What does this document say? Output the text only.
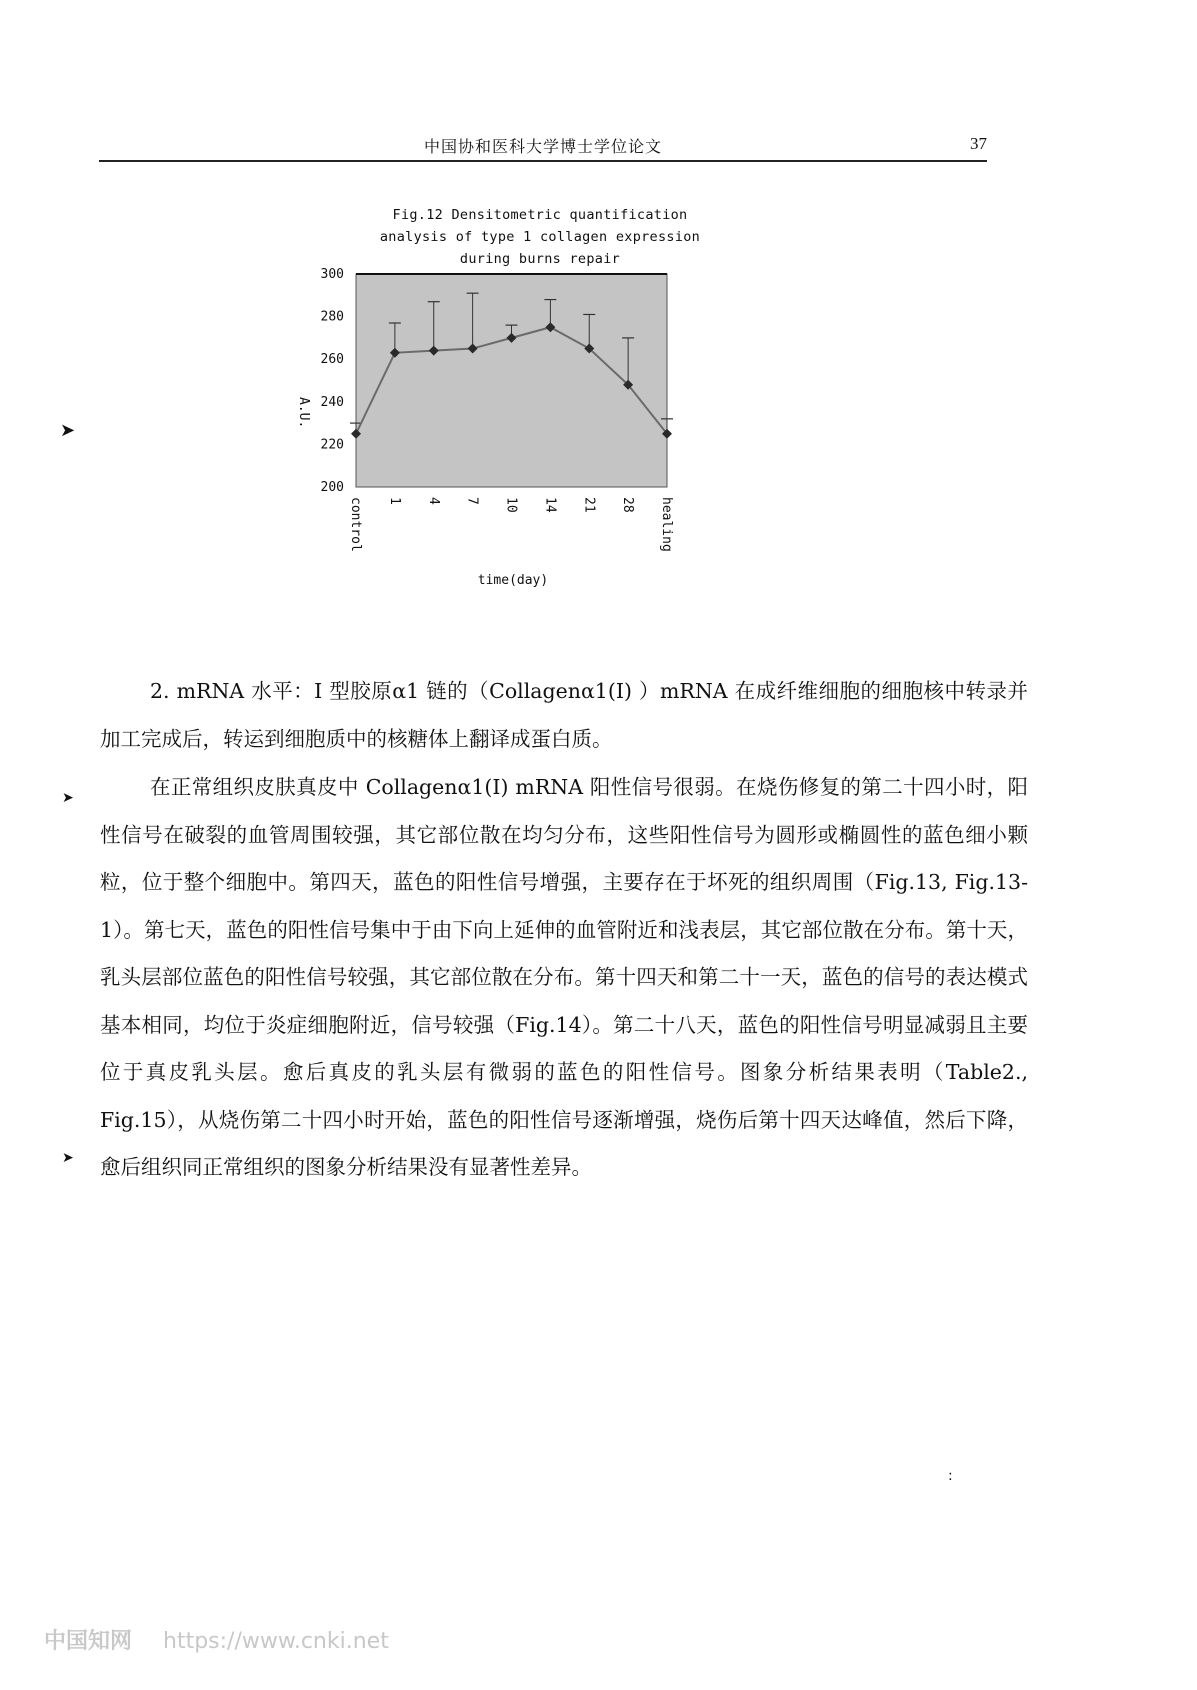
中国协和医科大学博士学位论文	37
Fig.12 Densitometric quantification
analysis of type 1 collagen expression
during burns repair
200
220
240
260
280
300
control 1 4 7 10 14 21 28 healing
A.U.
time(day)
2. mRNA 水平：I 型胶原α1 链的（Collagenα1(I) ）mRNA 在成纤维细胞的细胞核中转录并加工完成后，转运到细胞质中的核糖体上翻译成蛋白质。
在正常组织皮肤真皮中 Collagenα1(I) mRNA 阳性信号很弱。在烧伤修复的第二十四小时，阳性信号在破裂的血管周围较强，其它部位散在均匀分布，这些阳性信号为圆形或椭圆性的蓝色细小颗粒，位于整个细胞中。第四天，蓝色的阳性信号增强，主要存在于坏死的组织周围（Fig.13, Fig.13-1）。第七天，蓝色的阳性信号集中于由下向上延伸的血管附近和浅表层，其它部位散在分布。第十天，乳头层部位蓝色的阳性信号较强，其它部位散在分布。第十四天和第二十一天，蓝色的信号的表达模式基本相同，均位于炎症细胞附近，信号较强（Fig.14）。第二十八天，蓝色的阳性信号明显减弱且主要位于真皮乳头层。愈后真皮的乳头层有微弱的蓝色的阳性信号。图象分析结果表明（Table2., Fig.15），从烧伤第二十四小时开始，蓝色的阳性信号逐渐增强，烧伤后第十四天达峰值，然后下降，愈后组织同正常组织的图象分析结果没有显著性差异。
➤
➤
➤
:
中国知网 https://www.cnki.net
